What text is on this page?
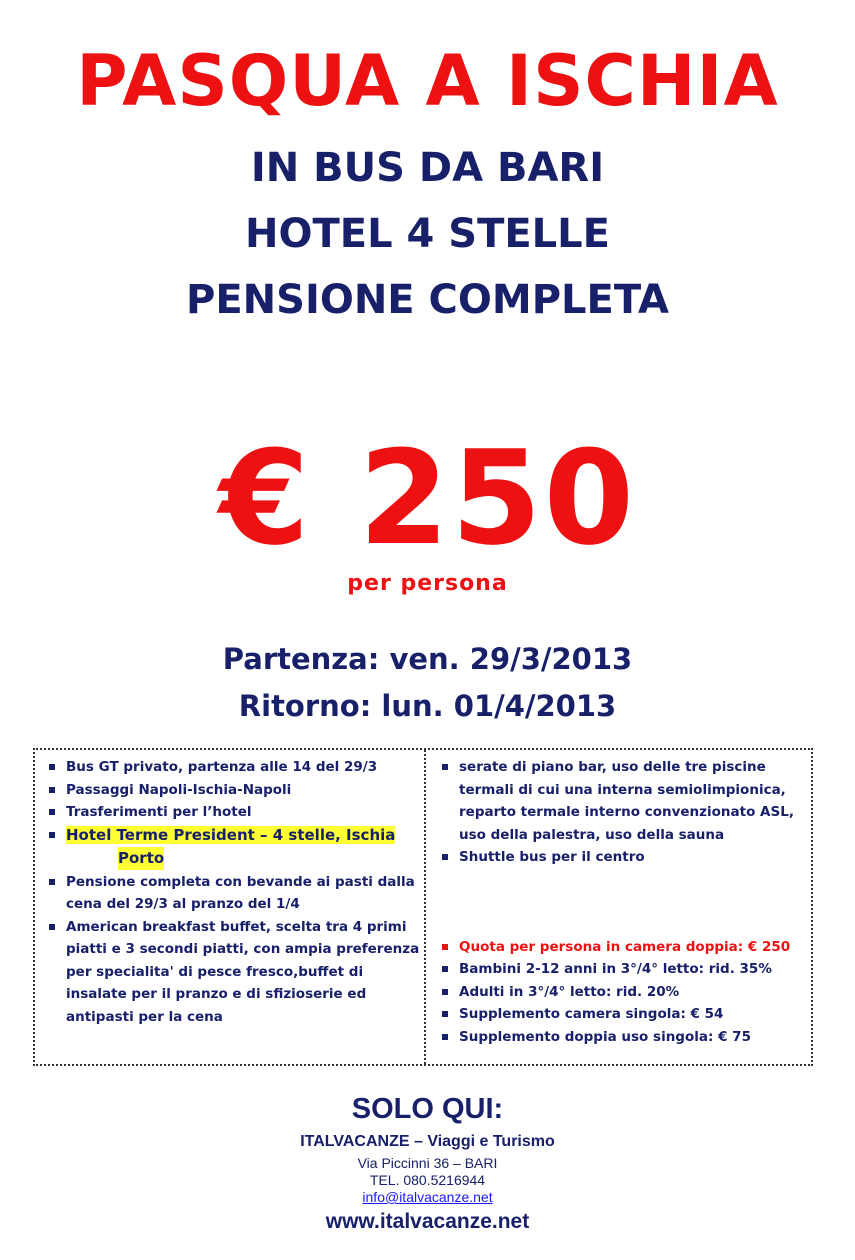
PASQUA A ISCHIA
IN BUS DA BARI
HOTEL 4 STELLE
PENSIONE COMPLETA
€ 250
per persona
Partenza: ven. 29/3/2013
Ritorno: lun. 01/4/2013
Bus GT privato, partenza alle 14 del 29/3
Passaggi Napoli-Ischia-Napoli
Trasferimenti per l’hotel
Hotel Terme President – 4 stelle, Ischia
Porto
Pensione completa con bevande ai pasti dalla cena del 29/3 al pranzo del 1/4
American breakfast buffet, scelta tra 4 primi piatti e 3 secondi piatti, con ampia preferenza per specialita' di pesce fresco,buffet di insalate per il pranzo e di sfizioserie ed antipasti per la cena
serate di piano bar, uso delle tre piscine termali di cui una interna semiolimpionica, reparto termale interno convenzionato ASL, uso della palestra, uso della sauna
Shuttle bus per il centro
Quota per persona in camera doppia: € 250
Bambini 2-12 anni in 3°/4° letto: rid. 35%
Adulti in 3°/4° letto: rid. 20%
Supplemento camera singola: € 54
Supplemento doppia uso singola: € 75
SOLO QUI:
ITALVACANZE – Viaggi e Turismo
Via Piccinni 36 – BARI
TEL. 080.5216944
info@italvacanze.net
www.italvacanze.net
